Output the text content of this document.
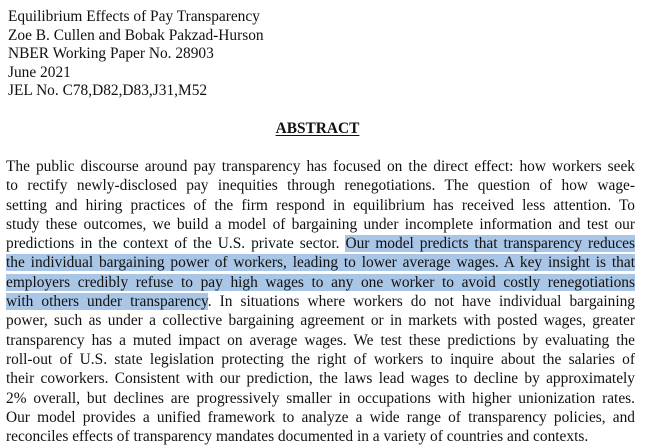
Equilibrium Effects of Pay Transparency
Zoe B. Cullen and Bobak Pakzad-Hurson
NBER Working Paper No. 28903
June 2021
JEL No. C78,D82,D83,J31,M52
ABSTRACT
The public discourse around pay transparency has focused on the direct effect: how workers seek
to rectify newly-disclosed pay inequities through renegotiations. The question of how wage-
setting and hiring practices of the firm respond in equilibrium has received less attention. To
study these outcomes, we build a model of bargaining under incomplete information and test our
predictions in the context of the U.S. private sector. Our model predicts that transparency reduces
the individual bargaining power of workers, leading to lower average wages. A key insight is that
employers credibly refuse to pay high wages to any one worker to avoid costly renegotiations
with others under transparency. In situations where workers do not have individual bargaining
power, such as under a collective bargaining agreement or in markets with posted wages, greater
transparency has a muted impact on average wages. We test these predictions by evaluating the
roll-out of U.S. state legislation protecting the right of workers to inquire about the salaries of
their coworkers. Consistent with our prediction, the laws lead wages to decline by approximately
2% overall, but declines are progressively smaller in occupations with higher unionization rates.
Our model provides a unified framework to analyze a wide range of transparency policies, and
reconciles effects of transparency mandates documented in a variety of countries and contexts.
